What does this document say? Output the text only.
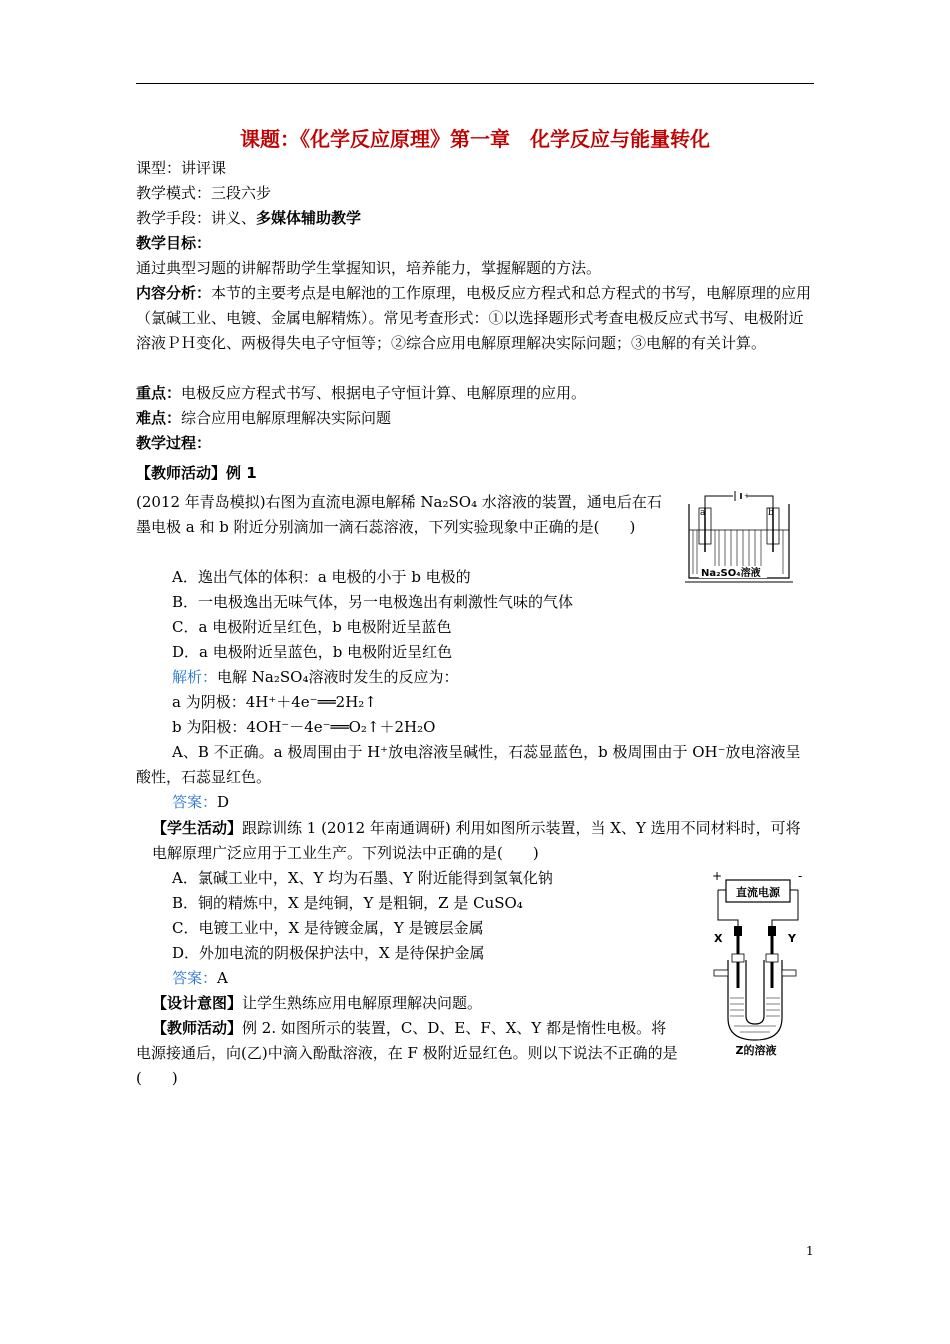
课题：《化学反应原理》第一章　化学反应与能量转化
课型：讲评课
教学模式：三段六步
教学手段：讲义、多媒体辅助教学
教学目标：
通过典型习题的讲解帮助学生掌握知识，培养能力，掌握解题的方法。
内容分析：本节的主要考点是电解池的工作原理，电极反应方程式和总方程式的书写，电解原理的应用（氯碱工业、电镀、金属电解精炼）。常见考查形式：①以选择题形式考查电极反应式书写、电极附近溶液ＰＨ变化、两极得失电子守恒等；②综合应用电解原理解决实际问题；③电解的有关计算。
重点：电极反应方程式书写、根据电子守恒计算、电解原理的应用。
难点：综合应用电解原理解决实际问题
教学过程：
【教师活动】例 1
(2012 年青岛模拟)右图为直流电源电解稀 Na₂SO₄ 水溶液的装置，通电后在石墨电极 a 和 b 附近分别滴加一滴石蕊溶液，下列实验现象中正确的是(　　)
A．逸出气体的体积：a 电极的小于 b 电极的
B．一电极逸出无味气体，另一电极逸出有刺激性气味的气体
C．a 电极附近呈红色，b 电极附近呈蓝色
D．a 电极附近呈蓝色，b 电极附近呈红色
解析：电解 Na₂SO₄溶液时发生的反应为：
a 为阴极：4H⁺＋4e⁻══2H₂↑
b 为阳极：4OH⁻－4e⁻══O₂↑＋2H₂O
A、B 不正确。a 极周围由于 H⁺放电溶液呈碱性，石蕊显蓝色，b 极周围由于 OH⁻放电溶液呈酸性，石蕊显红色。
答案：D
- +
a	b
Na₂SO₄溶液
【学生活动】跟踪训练 1 (2012 年南通调研) 利用如图所示装置，当 X、Y 选用不同材料时，可将电解原理广泛应用于工业生产。下列说法中正确的是(　　)
A．氯碱工业中，X、Y 均为石墨、Y 附近能得到氢氧化钠
B．铜的精炼中，X 是纯铜，Y 是粗铜，Z 是 CuSO₄
C．电镀工业中，X 是待镀金属，Y 是镀层金属
D．外加电流的阴极保护法中，X 是待保护金属
答案：A
+	-
直流电源
X	Y
Z的溶液
【设计意图】让学生熟练应用电解原理解决问题。
【教师活动】例 2. 如图所示的装置，C、D、E、F、X、Y 都是惰性电极。将电源接通后，向(乙)中滴入酚酞溶液，在 F 极附近显红色。则以下说法不正确的是(　　)
1
